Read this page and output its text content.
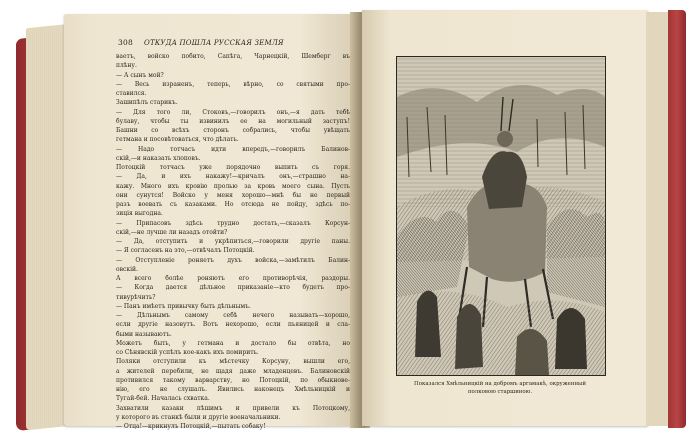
308	ОТКУДА ПОШЛА РУССКАЯ ЗЕМЛЯ
ваетъ, войско побито, Сапѣга, Чарнецкій, Шемберг въ
плѣну.
— А сынъ мой?
— Весь израненъ, теперь, вѣрно, со святыми про-
ставился.
Зашипѣлъ старикъ.
— Для того ли, Стоковъ,—говорилъ онъ,—я дать тебѣ
булаву, чтобы ты извинилъ ее на могильный заступъ!
Башни со всѣхъ сторонъ собрались, чтобы увѣщать
гетмана и посовѣтоваться, что дѣлать.
— Надо тотчасъ идти впередъ,—говорилъ Балинов-
скій,—и наказать хлоповъ.
Потоцкій тотчасъ уже порядочно выпить съ горя.
— Да, и ихъ накажу!—кричалъ онъ,—страшно на-
кажу. Много ихъ кровію пролью за кровь моего сына. Пусть
они сунутся! Войско у меня хорошо—мнѣ бы не первый
разъ воевать съ казаками. Но отсюда не пойду, здѣсь по-
зиція выгодна.
— Припасовъ здѣсь трудно достать,—сказалъ Корсун-
скій,—не лучше ли назадъ отойти?
— Да, отступить и укрѣпиться,—говорили другіе паны.
— Я согласенъ на это,—отвѣчалъ Потоцкій.
— Отступленіе роняетъ духъ войска,—замѣтилъ Балин-
овскій.
А всего болѣе роняютъ его противорѣчія, раздоры.
— Когда дается дѣльное приказаніе—кто будетъ про-
тивурѣчить?
— Панъ имѣетъ привычку быть дѣльнымъ.
— Дѣльнымъ самому себѣ нечего называть—хорошо,
если другіе назовутъ. Вотъ нехорошо, если пьяницей и сла-
быми называютъ.
Можетъ быть, у гетмана и достало бы отвѣта, но
со Сѣнявскій успѣлъ кое-какъ ихъ помирить.
Поляки отступили къ мѣстечку Корсуну, вышли его,
а жителей перебили, не щадя даже младенцевъ. Балиновскій
противился такому варварству, но Потоцкій, по обыкнове-
нію, его не слушалъ. Явились наконецъ Хмѣльницкій и
Тугай-бей. Началась схватка.
Захватили казаки пѣшимъ и привели къ Потоцкому,
у которого въ станкѣ были и другіе военачальники.
— Отца!—крикнулъ Потоцкій,—пытать собаку!
Показался Хмѣльницкій на добромъ аргамакѣ, окруженный
полковою старшиною.
